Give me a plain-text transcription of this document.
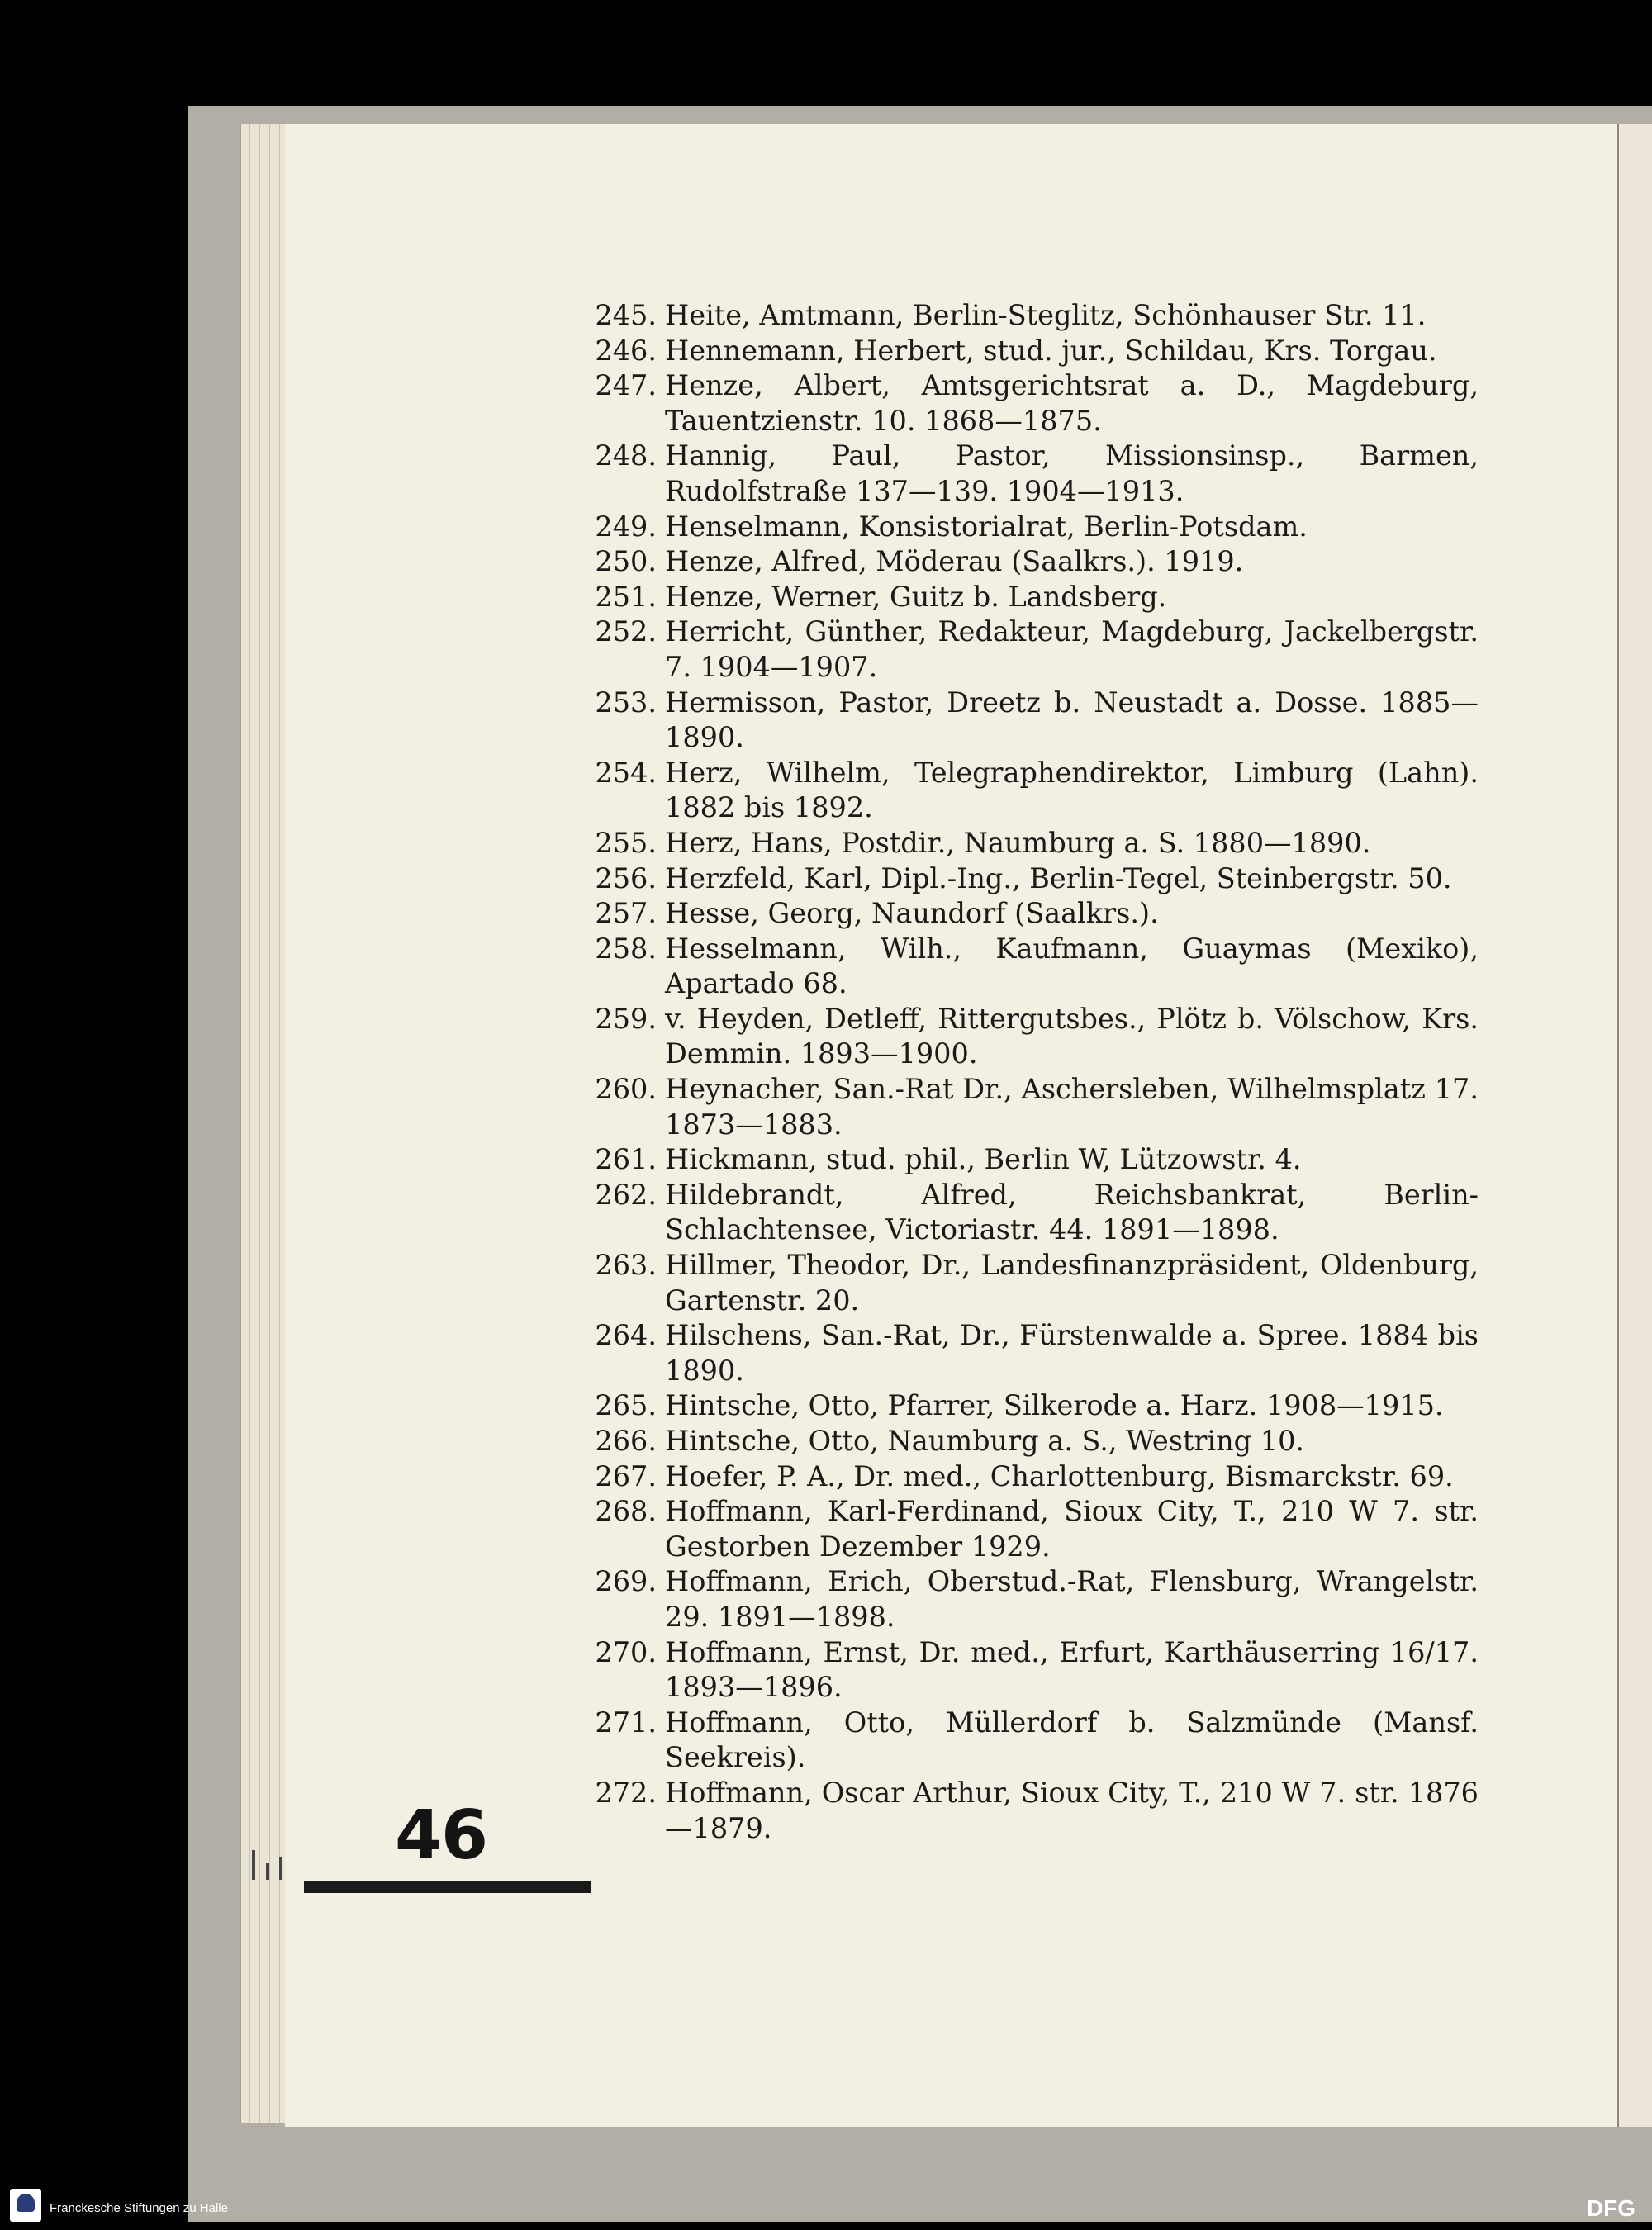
245. Heite, Amtmann, Berlin-Steglitz, Schönhauser Str. 11.
246. Hennemann, Herbert, stud. jur., Schildau, Krs. Torgau.
247. Henze, Albert, Amtsgerichtsrat a. D., Magdeburg, Tauentzienstr. 10. 1868—1875.
248. Hannig, Paul, Pastor, Missionsinsp., Barmen, Rudolfstraße 137—139. 1904—1913.
249. Henselmann, Konsistorialrat, Berlin-Potsdam.
250. Henze, Alfred, Möderau (Saalkrs.). 1919.
251. Henze, Werner, Guitz b. Landsberg.
252. Herricht, Günther, Redakteur, Magdeburg, Jackelbergstr. 7. 1904—1907.
253. Hermisson, Pastor, Dreetz b. Neustadt a. Dosse. 1885—1890.
254. Herz, Wilhelm, Telegraphendirektor, Limburg (Lahn). 1882 bis 1892.
255. Herz, Hans, Postdir., Naumburg a. S. 1880—1890.
256. Herzfeld, Karl, Dipl.-Ing., Berlin-Tegel, Steinbergstr. 50.
257. Hesse, Georg, Naundorf (Saalkrs.).
258. Hesselmann, Wilh., Kaufmann, Guaymas (Mexiko), Apartado 68.
259. v. Heyden, Detleff, Rittergutsbes., Plötz b. Völschow, Krs. Demmin. 1893—1900.
260. Heynacher, San.-Rat Dr., Aschersleben, Wilhelmsplatz 17. 1873—1883.
261. Hickmann, stud. phil., Berlin W, Lützowstr. 4.
262. Hildebrandt, Alfred, Reichsbankrat, Berlin-Schlachtensee, Victoriastr. 44. 1891—1898.
263. Hillmer, Theodor, Dr., Landesfinanzpräsident, Oldenburg, Gartenstr. 20.
264. Hilschens, San.-Rat, Dr., Fürstenwalde a. Spree. 1884 bis 1890.
265. Hintsche, Otto, Pfarrer, Silkerode a. Harz. 1908—1915.
266. Hintsche, Otto, Naumburg a. S., Westring 10.
267. Hoefer, P. A., Dr. med., Charlottenburg, Bismarckstr. 69.
268. Hoffmann, Karl-Ferdinand, Sioux City, T., 210 W 7. str. Gestorben Dezember 1929.
269. Hoffmann, Erich, Oberstud.-Rat, Flensburg, Wrangelstr. 29. 1891—1898.
270. Hoffmann, Ernst, Dr. med., Erfurt, Karthäuserring 16/17. 1893—1896.
271. Hoffmann, Otto, Müllerdorf b. Salzmünde (Mansf. Seekreis).
272. Hoffmann, Oscar Arthur, Sioux City, T., 210 W 7. str. 1876—1879.
46
Franckesche Stiftungen zu Halle	DFG
